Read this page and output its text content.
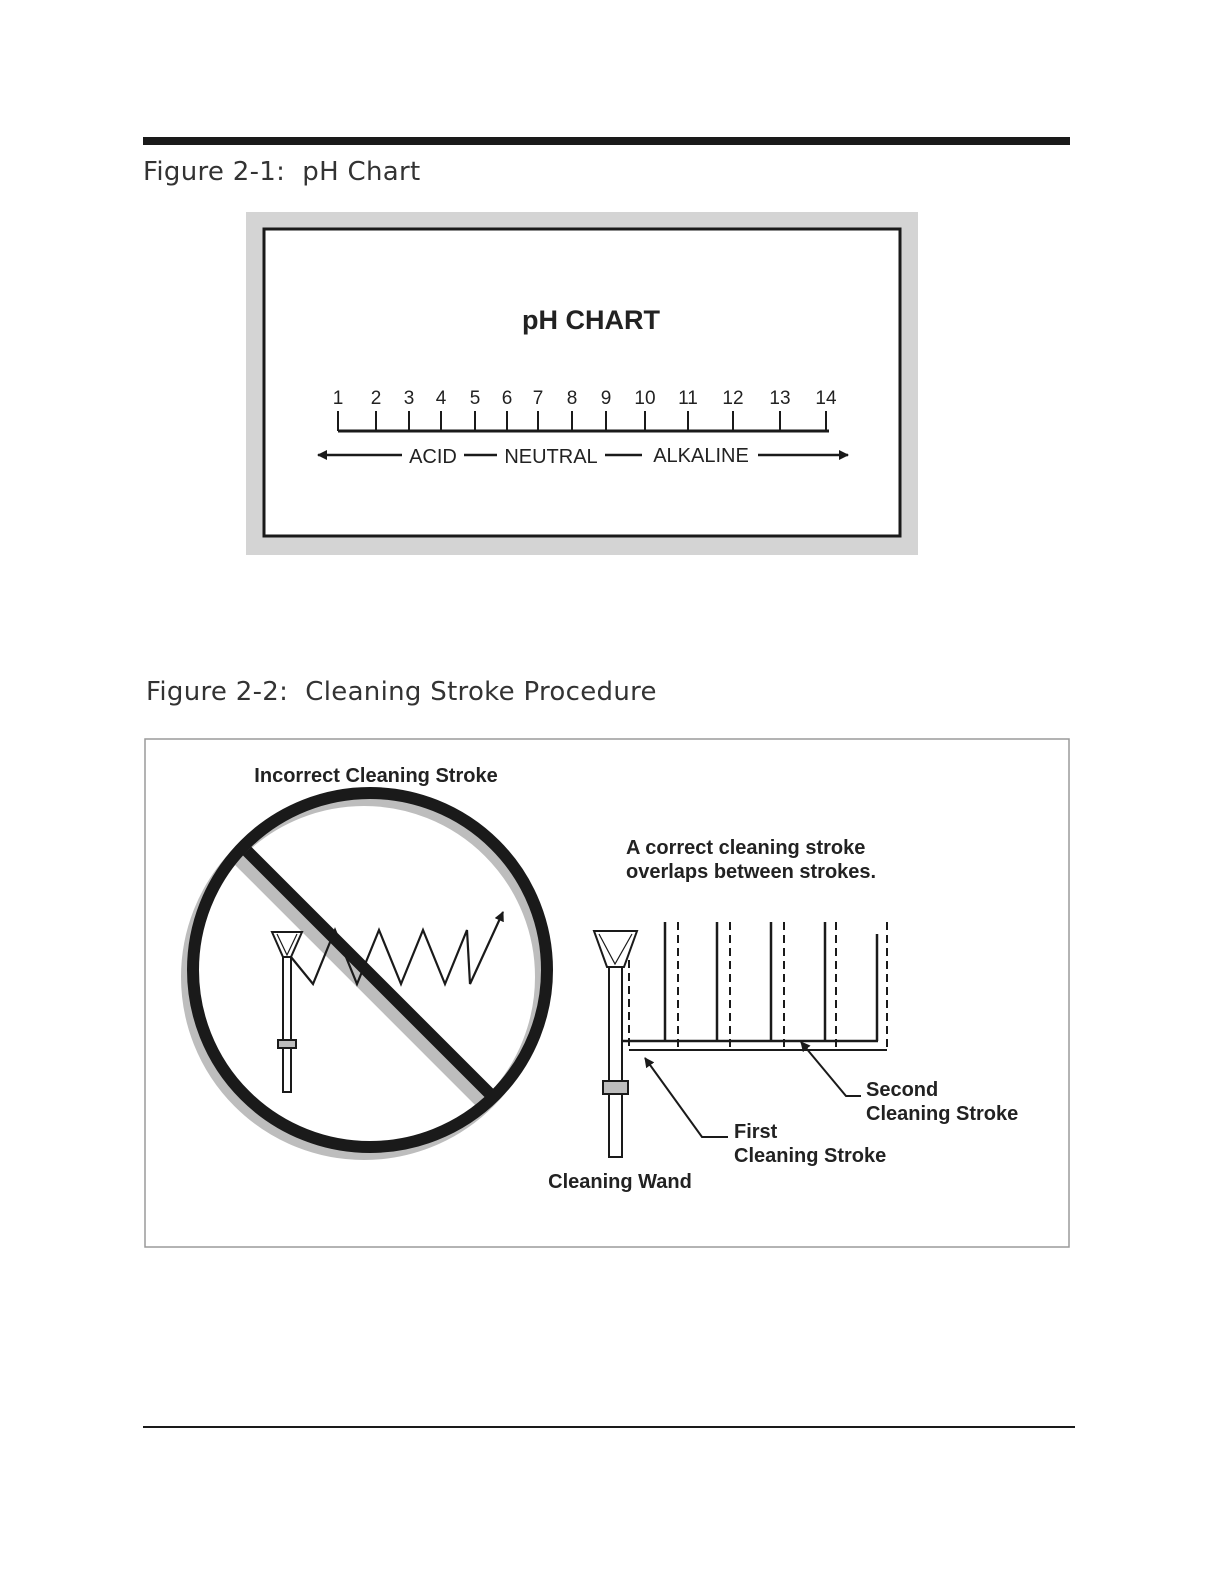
Figure 2-1:  pH Chart
Figure 2-2:  Cleaning Stroke Procedure
pH CHART
1 2 3 4 5 6 7 8 9 10 11 12 13 14
ACID NEUTRAL	ALKALINE
Incorrect Cleaning Stroke
A correct cleaning stroke
overlaps between strokes.
Second
Cleaning Stroke
First
Cleaning Stroke
Cleaning Wand
